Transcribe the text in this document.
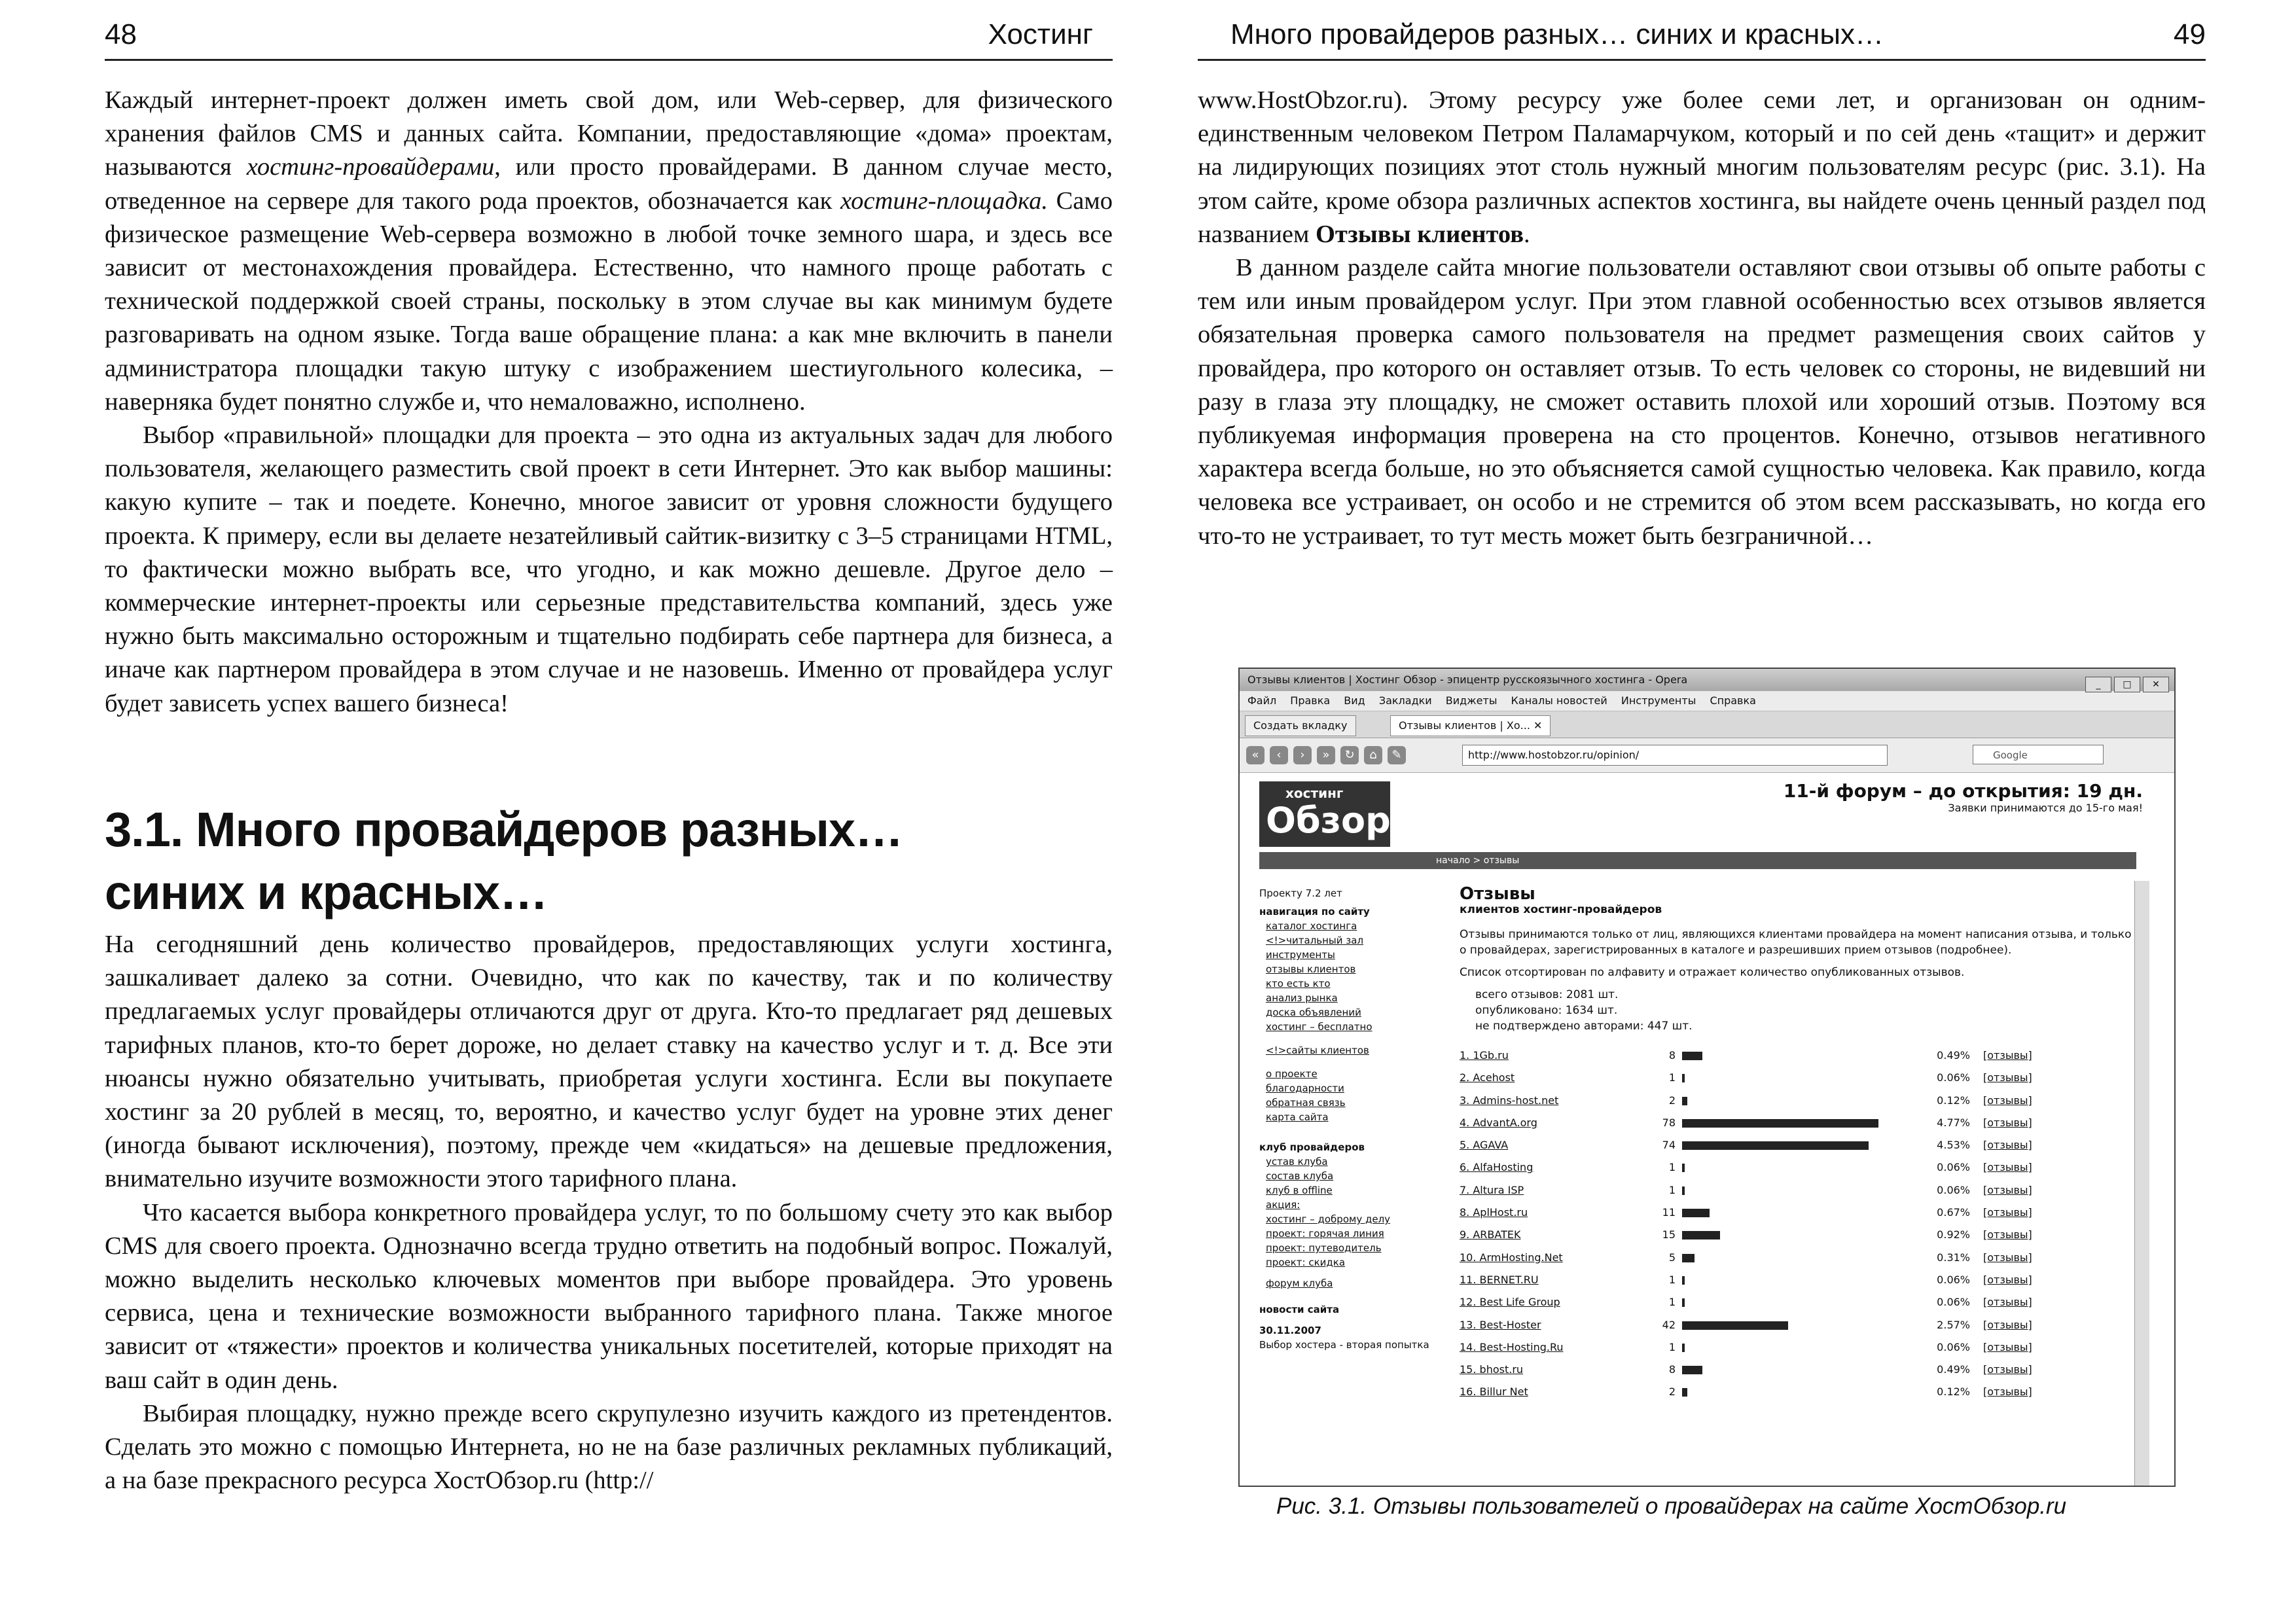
48	Хостинг

Каждый интернет-проект должен иметь свой дом, или Web-сервер, для физического хранения файлов CMS и данных сайта. Компании, предоставляющие «дома» проектам, называются хостинг-провайдерами, или просто провайдерами. В данном случае место, отведенное на сервере для такого рода проектов, обозначается как хостинг-площадка. Само физическое размещение Web-сервера возможно в любой точке земного шара, и здесь все зависит от местонахождения провайдера. Естественно, что намного проще работать с технической поддержкой своей страны, поскольку в этом случае вы как минимум будете разговаривать на одном языке. Тогда ваше обращение плана: а как мне включить в панели администратора площадки такую штуку с изображением шестиугольного колесика, – наверняка будет понятно службе и, что немаловажно, исполнено.

Выбор «правильной» площадки для проекта – это одна из актуальных задач для любого пользователя, желающего разместить свой проект в сети Интернет. Это как выбор машины: какую купите – так и поедете. Конечно, многое зависит от уровня сложности будущего проекта. К примеру, если вы делаете незатейливый сайтик-визитку с 3–5 страницами HTML, то фактически можно выбрать все, что угодно, и как можно дешевле. Другое дело – коммерческие интернет-проекты или серьезные представительства компаний, здесь уже нужно быть максимально осторожным и тщательно подбирать себе партнера для бизнеса, а иначе как партнером провайдера в этом случае и не назовешь. Именно от провайдера услуг будет зависеть успех вашего бизнеса!

3.1. Много провайдеров разных…
синих и красных…

На сегодняшний день количество провайдеров, предоставляющих услуги хостинга, зашкаливает далеко за сотни. Очевидно, что как по качеству, так и по количеству предлагаемых услуг провайдеры отличаются друг от друга. Кто-то предлагает ряд дешевых тарифных планов, кто-то берет дороже, но делает ставку на качество услуг и т. д. Все эти нюансы нужно обязательно учитывать, приобретая услуги хостинга. Если вы покупаете хостинг за 20 рублей в месяц, то, вероятно, и качество услуг будет на уровне этих денег (иногда бывают исключения), поэтому, прежде чем «кидаться» на дешевые предложения, внимательно изучите возможности этого тарифного плана.

Что касается выбора конкретного провайдера услуг, то по большому счету это как выбор CMS для своего проекта. Однозначно всегда трудно ответить на подобный вопрос. Пожалуй, можно выделить несколько ключевых моментов при выборе провайдера. Это уровень сервиса, цена и технические возможности выбранного тарифного плана. Также многое зависит от «тяжести» проектов и количества уникальных посетителей, которые приходят на ваш сайт в один день.

Выбирая площадку, нужно прежде всего скрупулезно изучить каждого из претендентов. Сделать это можно с помощью Интернета, но не на базе различных рекламных публикаций, а на базе прекрасного ресурса ХостОбзор.ru (http://

Много провайдеров разных… синих и красных…	49

www.HostObzor.ru). Этому ресурсу уже более семи лет, и организован он одним-единственным человеком Петром Паламарчуком, который и по сей день «тащит» и держит на лидирующих позициях этот столь нужный многим пользователям ресурс (рис. 3.1). На этом сайте, кроме обзора различных аспектов хостинга, вы найдете очень ценный раздел под названием Отзывы клиентов.

В данном разделе сайта многие пользователи оставляют свои отзывы об опыте работы с тем или иным провайдером услуг. При этом главной особенностью всех отзывов является обязательная проверка самого пользователя на предмет размещения своих сайтов у провайдера, про которого он оставляет отзыв. То есть человек со стороны, не видевший ни разу в глаза эту площадку, не сможет оставить плохой или хороший отзыв. Поэтому вся публикуемая информация проверена на сто процентов. Конечно, отзывов негативного характера всегда больше, но это объясняется самой сущностью человека. Как правило, когда человека все устраивает, он особо и не стремится об этом всем рассказывать, но когда его что-то не устраивает, то тут месть может быть безграничной…

Отзывы клиентов | Хостинг Обзор - эпицентр русскоязычного хостинга - Opera	_ □ ✕
Файл Правка Вид Закладки Виджеты Каналы новостей Инструменты Справка
Создать вкладку	Отзывы клиентов | Хо... ✕
«	‹	›	»	↻	⌂	✎	http://www.hostobzor.ru/opinion/	Google
хостинг
Обзор
11-й форум – до открытия: 19 дн.
Заявки принимаются до 15-го мая!
начало > отзывы
Проекту 7.2 лет
навигация по сайту
каталог хостинга
<!>читальный зал
инструменты
отзывы клиентов
кто есть кто
анализ рынка
доска объявлений
хостинг – бесплатно
<!>сайты клиентов
о проекте
благодарности
обратная связь
карта сайта
клуб провайдеров
устав клуба
состав клуба
клуб в offline
акция:
хостинг – доброму делу
проект: горячая линия
проект: путеводитель
проект: скидка
форум клуба
новости сайта
30.11.2007
Выбор хостера - вторая попытка
Отзывы
клиентов хостинг-провайдеров
Отзывы принимаются только от лиц, являющихся клиентами провайдера на момент написания отзыва, и только о провайдерах, зарегистрированных в каталоге и разрешивших прием отзывов (подробнее).
Список отсортирован по алфавиту и отражает количество опубликованных отзывов.
всего отзывов: 2081 шт.
опубликовано: 1634 шт.
не подтверждено авторами: 447 шт.
1. 1Gb.ru	8	0.49% [отзывы]
2. Acehost	1	0.06% [отзывы]
3. Admins-host.net	2	0.12% [отзывы]
4. AdvantA.org	78	4.77% [отзывы]
5. AGAVA	74	4.53% [отзывы]
6. AlfaHosting	1	0.06% [отзывы]
7. Altura ISP	1	0.06% [отзывы]
8. AplHost.ru	11	0.67% [отзывы]
9. ARBATEK	15	0.92% [отзывы]
10. ArmHosting.Net	5	0.31% [отзывы]
11. BERNET.RU	1	0.06% [отзывы]
12. Best Life Group	1	0.06% [отзывы]
13. Best-Hoster	42	2.57% [отзывы]
14. Best-Hosting.Ru	1	0.06% [отзывы]
15. bhost.ru	8	0.49% [отзывы]
16. Billur Net	2	0.12% [отзывы]
Рис. 3.1. Отзывы пользователей о провайдерах на сайте ХостОбзор.ru
